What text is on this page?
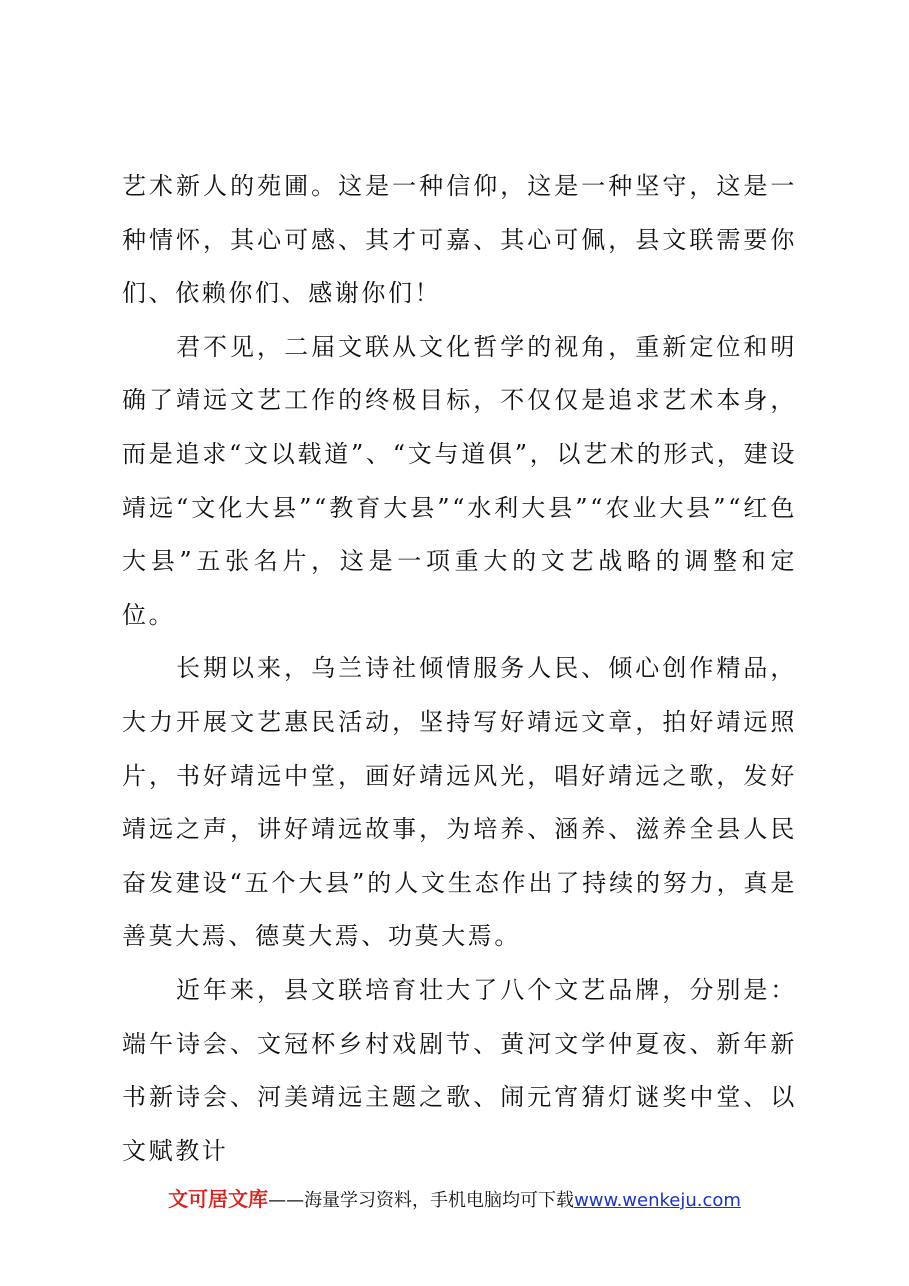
艺术新人的苑圃。这是一种信仰，这是一种坚守，这是一种情怀，其心可感、其才可嘉、其心可佩，县文联需要你们、依赖你们、感谢你们！

君不见，二届文联从文化哲学的视角，重新定位和明确了靖远文艺工作的终极目标，不仅仅是追求艺术本身，而是追求“文以载道”、“文与道俱”，以艺术的形式，建设靖远“文化大县”“教育大县”“水利大县”“农业大县”“红色大县”五张名片，这是一项重大的文艺战略的调整和定位。

长期以来，乌兰诗社倾情服务人民、倾心创作精品，大力开展文艺惠民活动，坚持写好靖远文章，拍好靖远照片，书好靖远中堂，画好靖远风光，唱好靖远之歌，发好靖远之声，讲好靖远故事，为培养、涵养、滋养全县人民奋发建设“五个大县”的人文生态作出了持续的努力，真是善莫大焉、德莫大焉、功莫大焉。

近年来，县文联培育壮大了八个文艺品牌，分别是：端午诗会、文冠杯乡村戏剧节、黄河文学仲夏夜、新年新书新诗会、河美靖远主题之歌、闹元宵猜灯谜奖中堂、以文赋教计

文可居文库——海量学习资料，手机电脑均可下载www.wenkeju.com
